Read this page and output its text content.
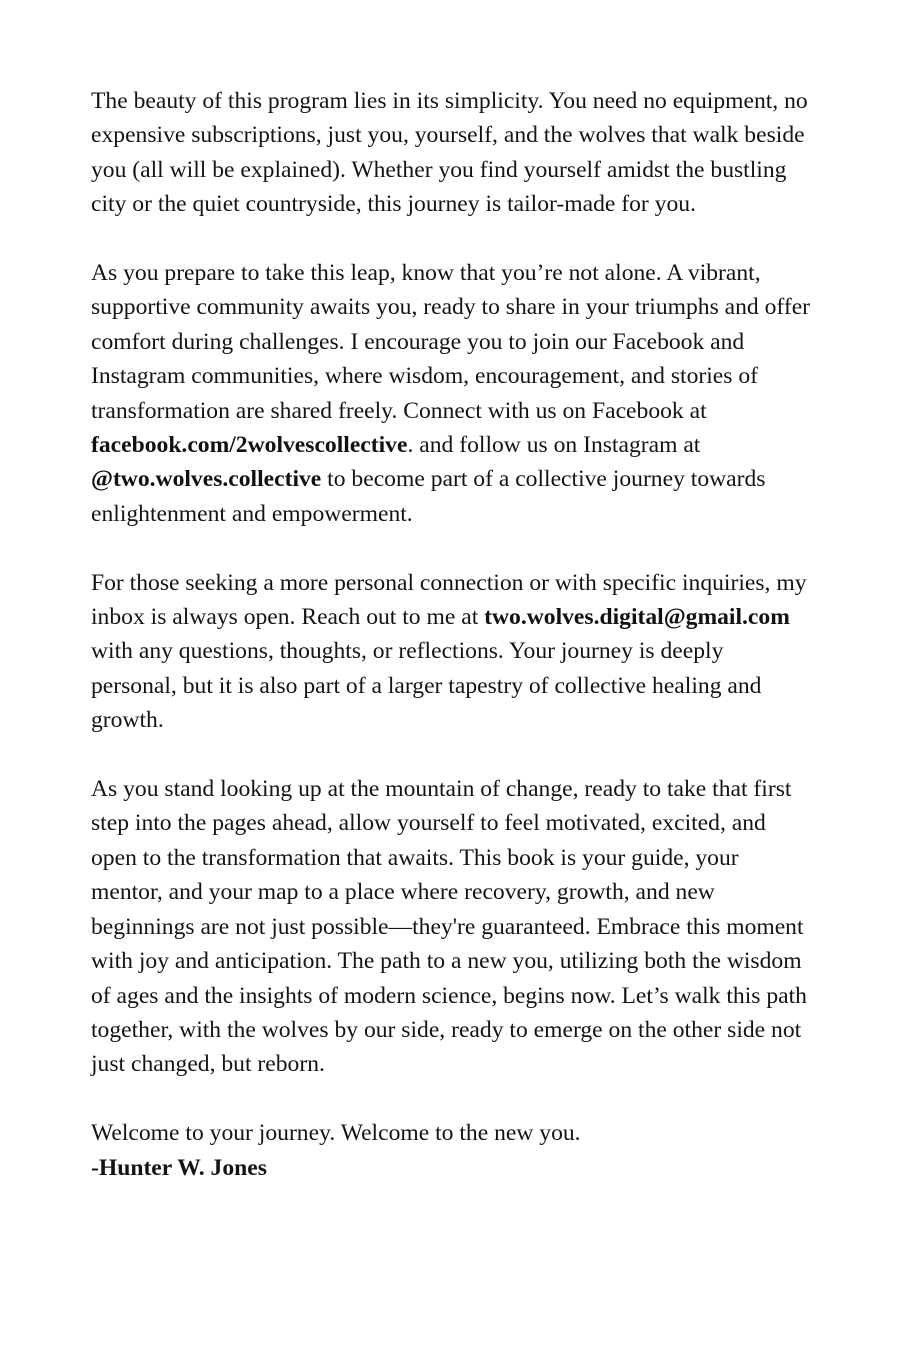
The beauty of this program lies in its simplicity. You need no equipment, no expensive subscriptions, just you, yourself, and the wolves that walk beside you (all will be explained). Whether you find yourself amidst the bustling city or the quiet countryside, this journey is tailor-made for you.

As you prepare to take this leap, know that you’re not alone. A vibrant, supportive community awaits you, ready to share in your triumphs and offer comfort during challenges. I encourage you to join our Facebook and Instagram communities, where wisdom, encouragement, and stories of transformation are shared freely. Connect with us on Facebook at facebook.com/2wolvescollective. and follow us on Instagram at @two.wolves.collective to become part of a collective journey towards enlightenment and empowerment.

For those seeking a more personal connection or with specific inquiries, my inbox is always open. Reach out to me at two.wolves.digital@gmail.com with any questions, thoughts, or reflections. Your journey is deeply personal, but it is also part of a larger tapestry of collective healing and growth.

As you stand looking up at the mountain of change, ready to take that first step into the pages ahead, allow yourself to feel motivated, excited, and open to the transformation that awaits. This book is your guide, your mentor, and your map to a place where recovery, growth, and new beginnings are not just possible—they're guaranteed. Embrace this moment with joy and anticipation. The path to a new you, utilizing both the wisdom of ages and the insights of modern science, begins now. Let’s walk this path together, with the wolves by our side, ready to emerge on the other side not just changed, but reborn.

Welcome to your journey. Welcome to the new you.
-Hunter W. Jones
